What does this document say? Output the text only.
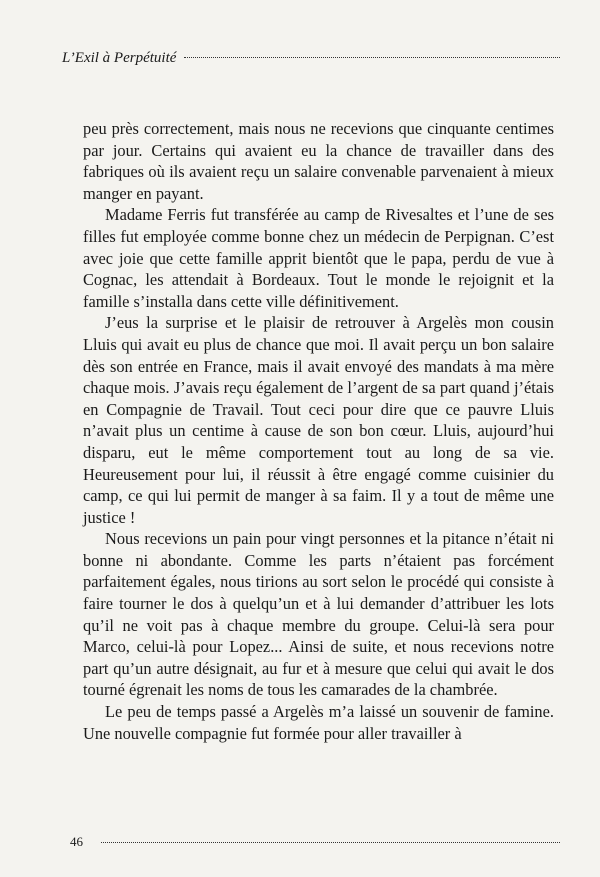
L’Exil à Perpétuité

peu près correctement, mais nous ne recevions que cinquante centimes par jour. Certains qui avaient eu la chance de travailler dans des fabriques où ils avaient reçu un salaire convenable parvenaient à mieux manger en payant.

Madame Ferris fut transférée au camp de Rivesaltes et l’une de ses filles fut employée comme bonne chez un médecin de Perpignan. C’est avec joie que cette famille apprit bientôt que le papa, perdu de vue à Cognac, les attendait à Bordeaux. Tout le monde le rejoignit et la famille s’installa dans cette ville définitivement.

J’eus la surprise et le plaisir de retrouver à Argelès mon cousin Lluis qui avait eu plus de chance que moi. Il avait perçu un bon salaire dès son entrée en France, mais il avait envoyé des mandats à ma mère chaque mois. J’avais reçu également de l’argent de sa part quand j’étais en Compagnie de Travail. Tout ceci pour dire que ce pauvre Lluis n’avait plus un centime à cause de son bon cœur. Lluis, aujourd’hui disparu, eut le même comportement tout au long de sa vie. Heureusement pour lui, il réussit à être engagé comme cuisinier du camp, ce qui lui permit de manger à sa faim. Il y a tout de même une justice !

Nous recevions un pain pour vingt personnes et la pitance n’était ni bonne ni abondante. Comme les parts n’étaient pas forcément parfaitement égales, nous tirions au sort selon le procédé qui consiste à faire tourner le dos à quelqu’un et à lui demander d’attribuer les lots qu’il ne voit pas à chaque membre du groupe. Celui-là sera pour Marco, celui-là pour Lopez... Ainsi de suite, et nous recevions notre part qu’un autre désignait, au fur et à mesure que celui qui avait le dos tourné égrenait les noms de tous les camarades de la chambrée.

Le peu de temps passé a Argelès m’a laissé un souvenir de famine. Une nouvelle compagnie fut formée pour aller travailler à

46
